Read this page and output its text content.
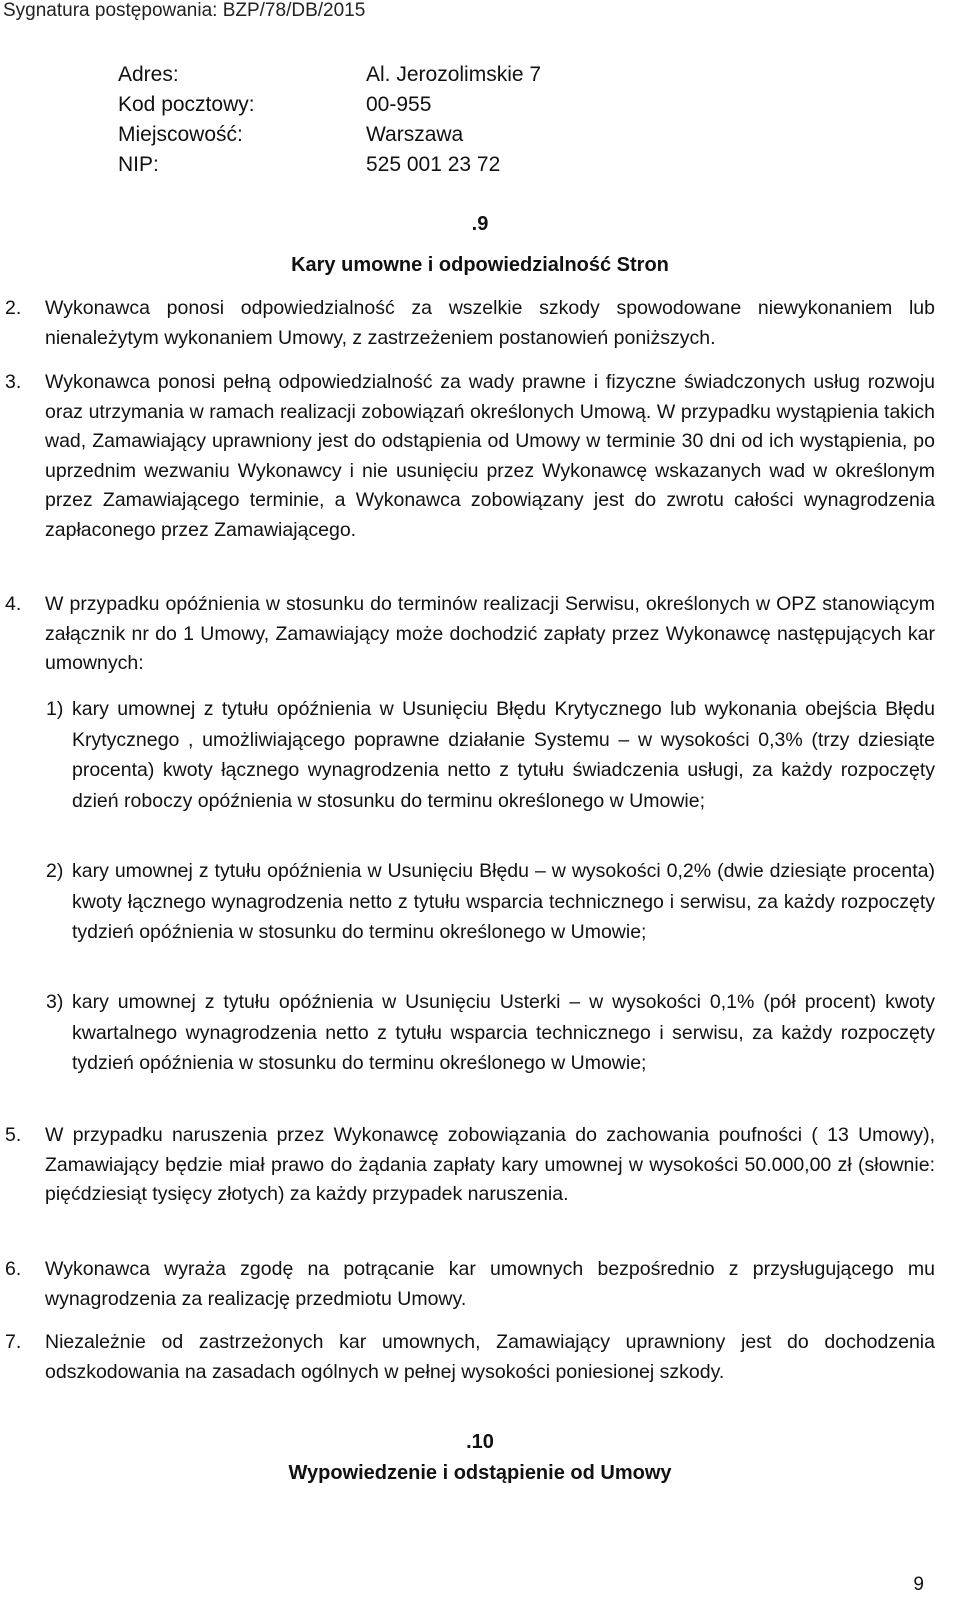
Sygnatura postępowania: BZP/78/DB/2015
Adres:	Al. Jerozolimskie 7
Kod pocztowy:	00-955
Miejscowość:	Warszawa
NIP:	525 001 23 72
.9
Kary umowne i odpowiedzialność Stron
2. Wykonawca ponosi odpowiedzialność za wszelkie szkody spowodowane niewykonaniem lub nienależytym wykonaniem Umowy, z zastrzeżeniem postanowień poniższych.
3. Wykonawca ponosi pełną odpowiedzialność za wady prawne i fizyczne świadczonych usług rozwoju oraz utrzymania w ramach realizacji zobowiązań określonych Umową. W przypadku wystąpienia takich wad, Zamawiający uprawniony jest do odstąpienia od Umowy w terminie 30 dni od ich wystąpienia, po uprzednim wezwaniu Wykonawcy i nie usunięciu przez Wykonawcę wskazanych wad w określonym przez Zamawiającego terminie, a Wykonawca zobowiązany jest do zwrotu całości wynagrodzenia zapłaconego przez Zamawiającego.
4. W przypadku opóźnienia w stosunku do terminów realizacji Serwisu, określonych w OPZ stanowiącym załącznik nr do 1 Umowy, Zamawiający może dochodzić zapłaty przez Wykonawcę następujących kar umownych:
1) kary umownej z tytułu opóźnienia w Usunięciu Błędu Krytycznego lub wykonania obejścia Błędu Krytycznego , umożliwiającego poprawne działanie Systemu – w wysokości 0,3% (trzy dziesiąte procenta) kwoty łącznego wynagrodzenia netto z tytułu świadczenia usługi, za każdy rozpoczęty dzień roboczy opóźnienia w stosunku do terminu określonego w Umowie;
2) kary umownej z tytułu opóźnienia w Usunięciu Błędu – w wysokości 0,2% (dwie dziesiąte procenta) kwoty łącznego wynagrodzenia netto z tytułu wsparcia technicznego i serwisu, za każdy rozpoczęty tydzień opóźnienia w stosunku do terminu określonego w Umowie;
3) kary umownej z tytułu opóźnienia w Usunięciu Usterki – w wysokości 0,1% (pół procent) kwoty kwartalnego wynagrodzenia netto z tytułu wsparcia technicznego i serwisu, za każdy rozpoczęty tydzień opóźnienia w stosunku do terminu określonego w Umowie;
5. W przypadku naruszenia przez Wykonawcę zobowiązania do zachowania poufności ( 13 Umowy), Zamawiający będzie miał prawo do żądania zapłaty kary umownej w wysokości 50.000,00 zł (słownie: pięćdziesiąt tysięcy złotych) za każdy przypadek naruszenia.
6. Wykonawca wyraża zgodę na potrącanie kar umownych bezpośrednio z przysługującego mu wynagrodzenia za realizację przedmiotu Umowy.
7. Niezależnie od zastrzeżonych kar umownych, Zamawiający uprawniony jest do dochodzenia odszkodowania na zasadach ogólnych w pełnej wysokości poniesionej szkody.
.10
Wypowiedzenie i odstąpienie od Umowy
9
